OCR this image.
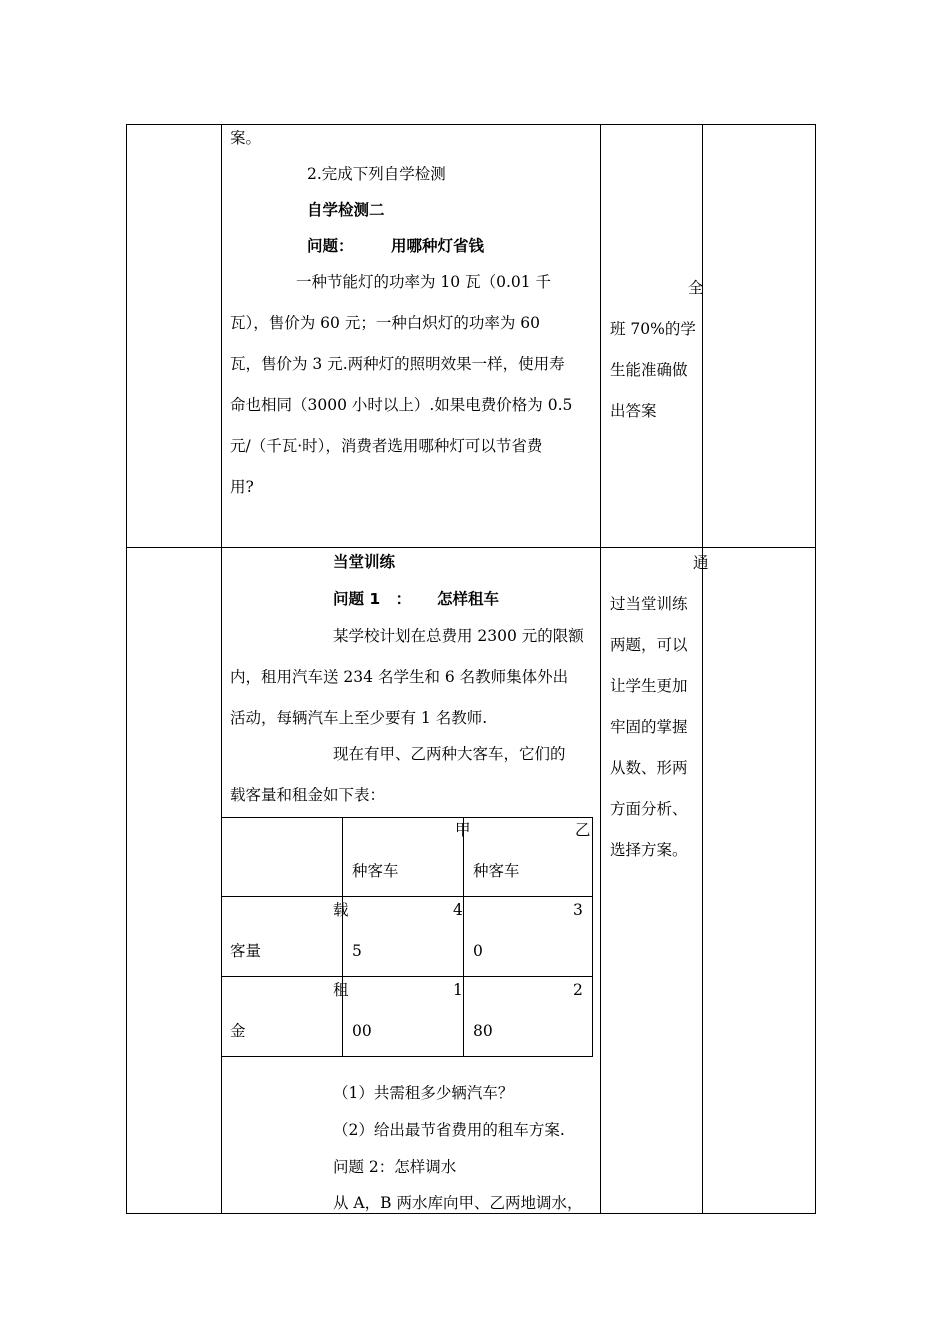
案。
2.完成下列自学检测
自学检测二
问题： 用哪种灯省钱
一种节能灯的功率为 10 瓦（0.01 千
瓦），售价为 60 元；一种白炽灯的功率为 60
瓦，售价为 3 元.两种灯的照明效果一样，使用寿
命也相同（3000 小时以上）.如果电费价格为 0.5
元/（千瓦·时），消费者选用哪种灯可以节省费
用?
全
班 70%的学
生能准确做
出答案
当堂训练
问题 1　： 怎样租车
某学校计划在总费用 2300 元的限额
内，租用汽车送 234 名学生和 6 名教师集体外出
活动，每辆汽车上至少要有 1 名教师.
现在有甲、乙两种大客车，它们的
载客量和租金如下表：
甲
种客车
乙
种客车
载
客量
4
5
3
0
租
金
1
00
2
80
（1）共需租多少辆汽车？
（2）给出最节省费用的租车方案.
问题 2：怎样调水
从 A，B 两水库向甲、乙两地调水，
通
过当堂训练
两题，可以
让学生更加
牢固的掌握
从数、形两
方面分析、
选择方案。
